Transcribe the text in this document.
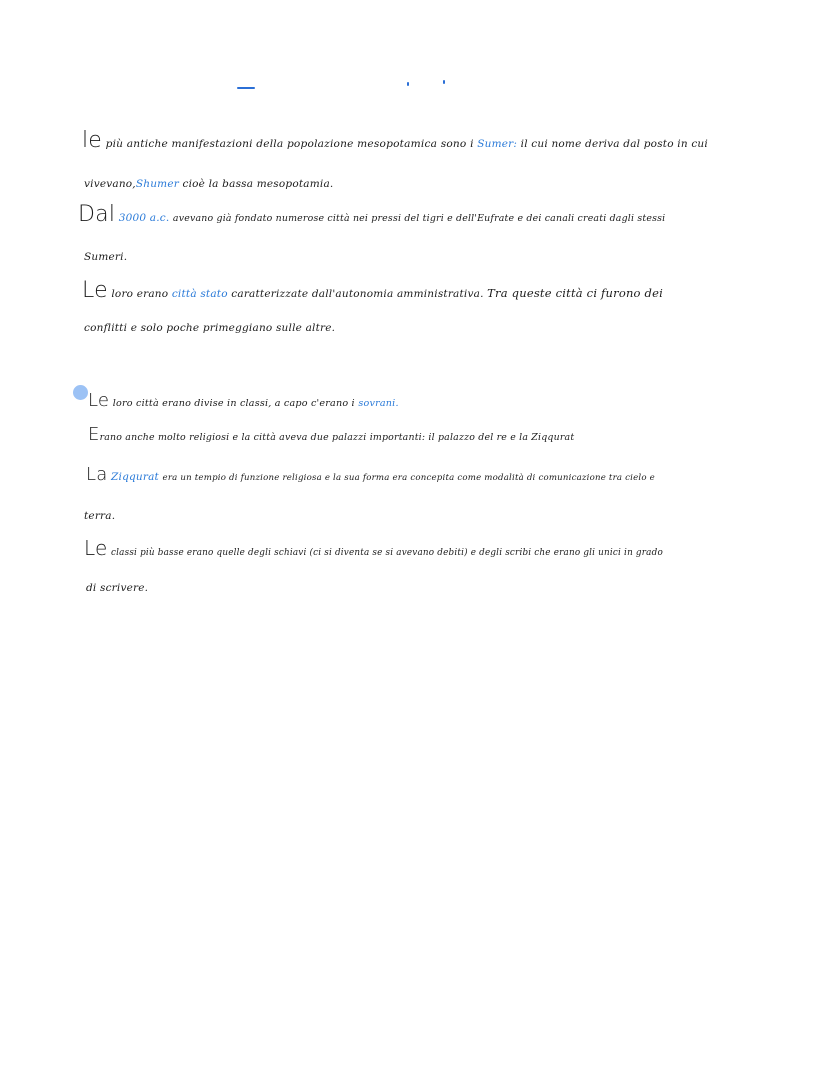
le più antiche manifestazioni della popolazione mesopotamica sono i Sumer: il cui nome deriva dal posto in cui
vivevano,Shumer cioè la bassa mesopotamia.
Dal 3000 a.c. avevano già fondato numerose città nei pressi del tigri e dell'Eufrate e dei canali creati dagli stessi
Sumeri.
Le loro erano città stato caratterizzate dall'autonomia amministrativa. Tra queste città ci furono dei
conflitti e solo poche primeggiano sulle altre.
Le loro città erano divise in classi, a capo c'erano i sovrani.
Erano anche molto religiosi e la città aveva due palazzi importanti: il palazzo del re e la Ziqqurat
La Ziqqurat era un tempio di funzione religiosa e la sua forma era concepita come modalità di comunicazione tra cielo e
terra.
Le classi più basse erano quelle degli schiavi (ci si diventa se si avevano debiti) e degli scribi che erano gli unici in grado
di scrivere.
